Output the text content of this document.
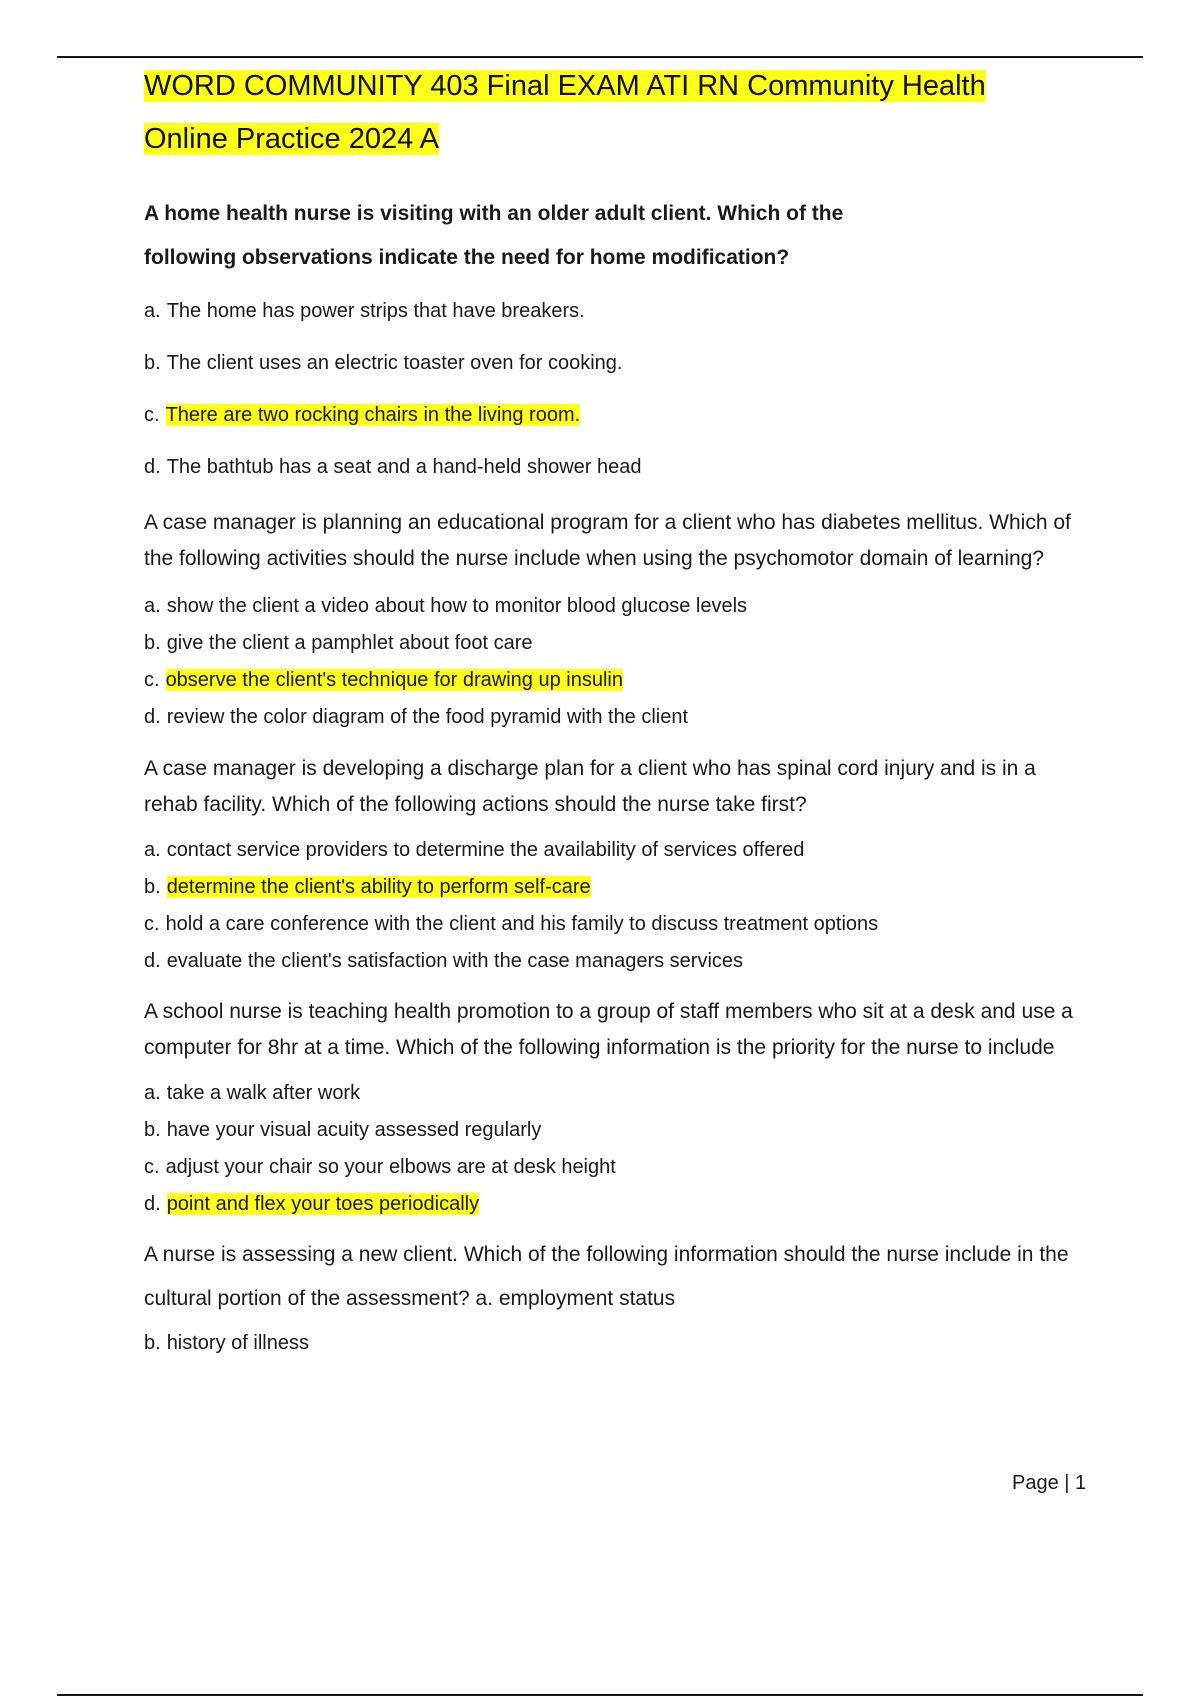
WORD COMMUNITY 403 Final EXAM ATI RN Community Health
Online Practice 2024 A

A home health nurse is visiting with an older adult client. Which of the following observations indicate the need for home modification?

a. The home has power strips that have breakers.
b. The client uses an electric toaster oven for cooking.
c. There are two rocking chairs in the living room.
d. The bathtub has a seat and a hand-held shower head

A case manager is planning an educational program for a client who has diabetes mellitus. Which of the following activities should the nurse include when using the psychomotor domain of learning?

a. show the client a video about how to monitor blood glucose levels
b. give the client a pamphlet about foot care
c. observe the client's technique for drawing up insulin
d. review the color diagram of the food pyramid with the client

A case manager is developing a discharge plan for a client who has spinal cord injury and is in a rehab facility. Which of the following actions should the nurse take first?

a. contact service providers to determine the availability of services offered
b. determine the client's ability to perform self-care
c. hold a care conference with the client and his family to discuss treatment options
d. evaluate the client's satisfaction with the case managers services

A school nurse is teaching health promotion to a group of staff members who sit at a desk and use a computer for 8hr at a time. Which of the following information is the priority for the nurse to include

a. take a walk after work
b. have your visual acuity assessed regularly
c. adjust your chair so your elbows are at desk height
d. point and flex your toes periodically

A nurse is assessing a new client. Which of the following information should the nurse include in the cultural portion of the assessment? a. employment status

b. history of illness
Page | 1
